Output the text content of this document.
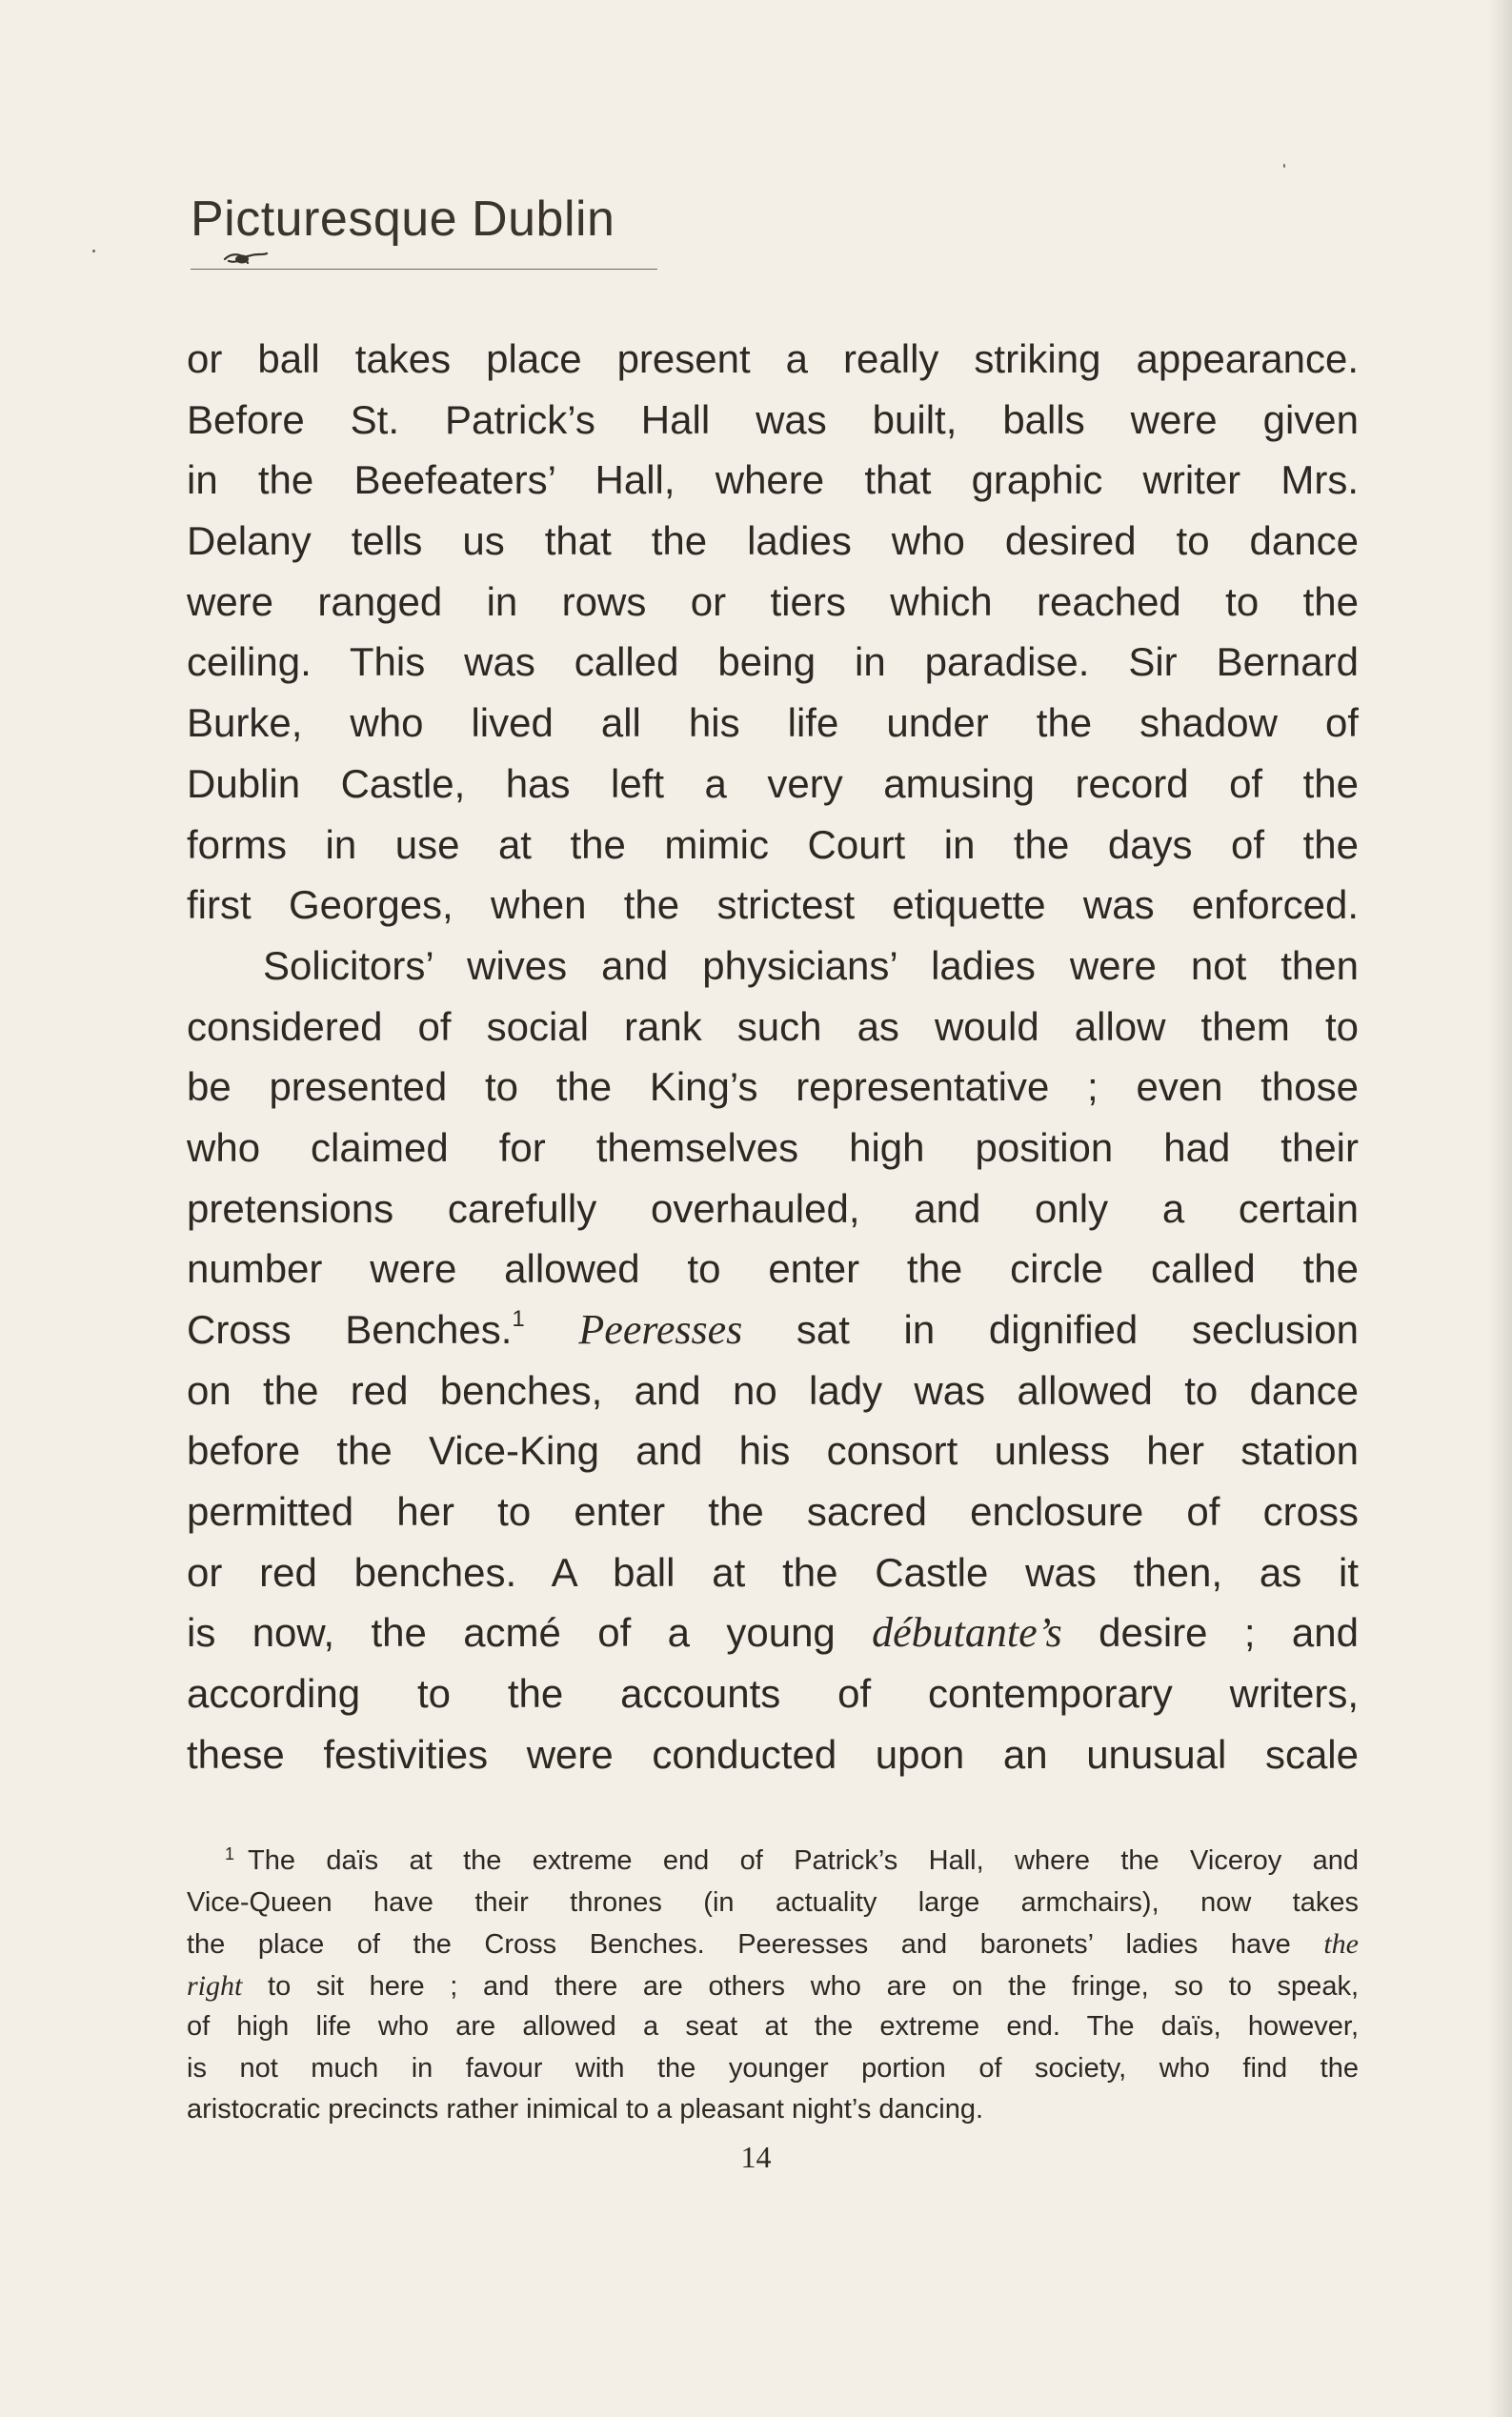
Picturesque Dublin
or ball takes place present a really striking appearance.
Before St. Patrick’s Hall was built, balls were given
in the Beefeaters’ Hall, where that graphic writer Mrs.
Delany tells us that the ladies who desired to dance
were ranged in rows or tiers which reached to the
ceiling. This was called being in paradise. Sir Bernard
Burke, who lived all his life under the shadow of
Dublin Castle, has left a very amusing record of the
forms in use at the mimic Court in the days of the
first Georges, when the strictest etiquette was enforced.
Solicitors’ wives and physicians’ ladies were not then
considered of social rank such as would allow them to
be presented to the King’s representative ; even those
who claimed for themselves high position had their
pretensions carefully overhauled, and only a certain
number were allowed to enter the circle called the
Cross Benches.$^1$ Peeresses sat in dignified seclusion
on the red benches, and no lady was allowed to dance
before the Vice-King and his consort unless her station
permitted her to enter the sacred enclosure of cross
or red benches. A ball at the Castle was then, as it
is now, the acmé of a young débutante’s desire ; and
according to the accounts of contemporary writers,
these festivities were conducted upon an unusual scale
$^1$ The daïs at the extreme end of Patrick’s Hall, where the Viceroy and
Vice-Queen have their thrones (in actuality large armchairs), now takes
the place of the Cross Benches. Peeresses and baronets’ ladies have the
right to sit here ; and there are others who are on the fringe, so to speak,
of high life who are allowed a seat at the extreme end. The daïs, however,
is not much in favour with the younger portion of society, who find the
aristocratic precincts rather inimical to a pleasant night’s dancing.
14
